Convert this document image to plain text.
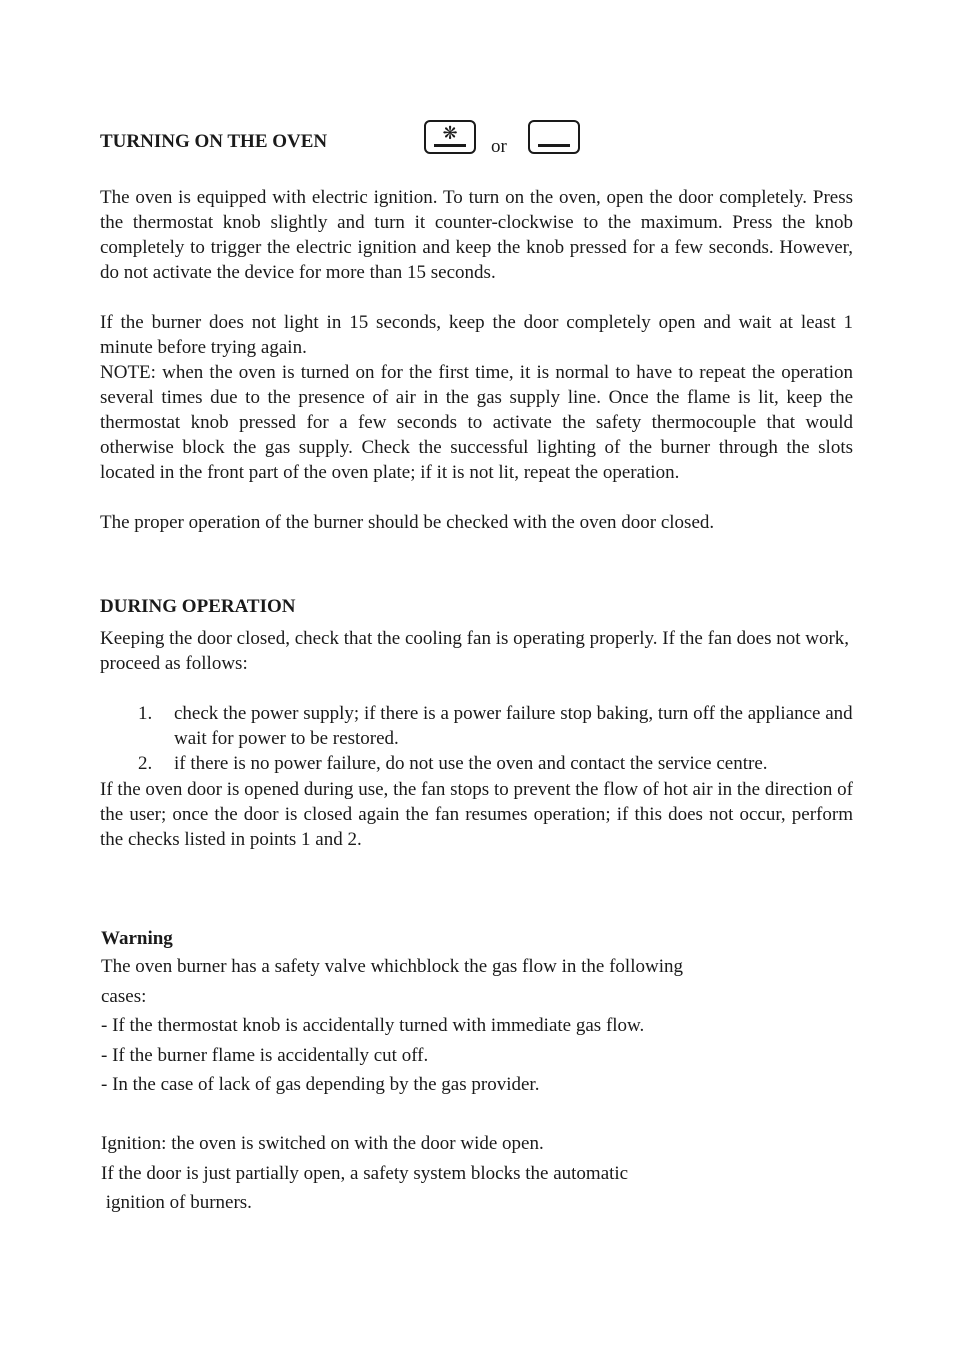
TURNING ON THE OVEN	❋
or

The oven is equipped with electric ignition. To turn on the oven, open the door completely. Press the thermostat knob slightly and turn it counter-clockwise to the maximum. Press the knob completely to trigger the electric ignition and keep the knob pressed for a few seconds. However, do not activate the device for more than 15 seconds.

If the burner does not light in 15 seconds, keep the door completely open and wait at least 1 minute before trying again.

NOTE: when the oven is turned on for the first time, it is normal to have to repeat the operation several times due to the presence of air in the gas supply line. Once the flame is lit, keep the thermostat knob pressed for a few seconds to activate the safety thermocouple that would otherwise block the gas supply. Check the successful lighting of the burner through the slots located in the front part of the oven plate; if it is not lit, repeat the operation.

The proper operation of the burner should be checked with the oven door closed.

DURING OPERATION

Keeping the door closed, check that the cooling fan is operating properly. If the fan does not work, proceed as follows:

1. check the power supply; if there is a power failure stop baking, turn off the appliance and wait for power to be restored.
2. if there is no power failure, do not use the oven and contact the service centre.

If the oven door is opened during use, the fan stops to prevent the flow of hot air in the direction of the user; once the door is closed again the fan resumes operation; if this does not occur, perform the checks listed in points 1 and 2.

Warning

The oven burner has a safety valve whichblock the gas flow in the following

cases:

- If the thermostat knob is accidentally turned with immediate gas flow.

- If the burner flame is accidentally cut off.

- In the case of lack of gas depending by the gas provider.

Ignition: the oven is switched on with the door wide open.

If the door is just partially open, a safety system blocks the automatic

ignition of burners.
